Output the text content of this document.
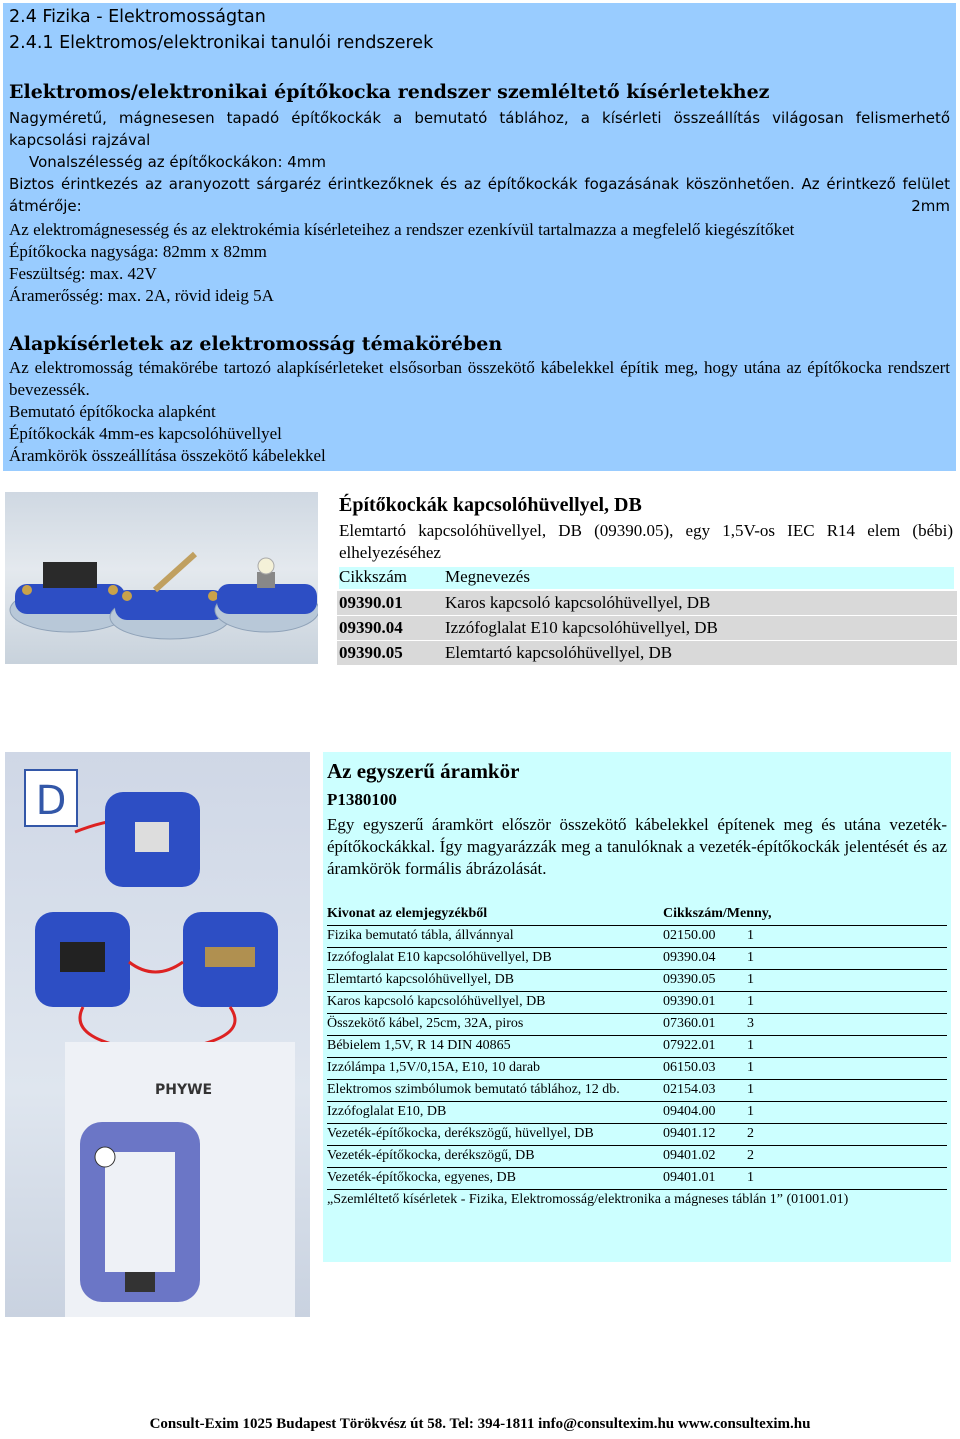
2.4 Fizika - Elektromosságtan
2.4.1 Elektromos/elektronikai tanulói rendszerek
Elektromos/elektronikai építőkocka rendszer szemléltető kísérletekhez
Nagyméretű, mágnesesen tapadó építőkockák a bemutató táblához, a kísérleti összeállítás világosan felismerhető kapcsolási rajzával
Vonalszélesség az építőkockákon: 4mm
Biztos érintkezés az aranyozott sárgaréz érintkezőknek és az építőkockák fogazásának köszönhetően. Az érintkező felület átmérője: 2mm
Az elektromágnesesség és az elektrokémia kísérleteihez a rendszer ezenkívül tartalmazza a megfelelő kiegészítőket
Építőkocka nagysága: 82mm x 82mm
Feszültség: max. 42V
Áramerősség: max. 2A, rövid ideig 5A
Alapkísérletek az elektromosság témakörében
Az elektromosság témakörébe tartozó alapkísérleteket elsősorban összekötő kábelekkel építik meg, hogy utána az építőkocka rendszert bevezessék.
Bemutató építőkocka alapként
Építőkockák 4mm-es kapcsolóhüvellyel
Áramkörök összeállítása összekötő kábelekkel
Építőkockák kapcsolóhüvellyel, DB
Elemtartó kapcsolóhüvellyel, DB (09390.05), egy 1,5V-os IEC R14 elem (bébi) elhelyezéséhez
Cikkszám Megnevezés
09390.01 Karos kapcsoló kapcsolóhüvellyel, DB
09390.04 Izzófoglalat E10 kapcsolóhüvellyel, DB
09390.05 Elemtartó kapcsolóhüvellyel, DB
D
PHYWE
Az egyszerű áramkör
P1380100
Egy egyszerű áramkört először összekötő kábelekkel építenek meg és utána vezeték-építőkockákkal. Így magyarázzák meg a tanulóknak a vezeték-építőkockák jelentését és az áramkörök formális ábrázolását.
Kivonat az elemjegyzékből	Cikkszám/Menny,
Fizika bemutató tábla, állvánnyal	02150.00 1
Izzófoglalat E10 kapcsolóhüvellyel, DB	09390.04 1
Elemtartó kapcsolóhüvellyel, DB	09390.05 1
Karos kapcsoló kapcsolóhüvellyel, DB	09390.01 1
Összekötő kábel, 25cm, 32A, piros	07360.01 3
Bébielem 1,5V, R 14 DIN 40865	07922.01 1
Izzólámpa 1,5V/0,15A, E10, 10 darab	06150.03 1
Elektromos szimbólumok bemutató táblához, 12 db.	02154.03 1
Izzófoglalat E10, DB	09404.00 1
Vezeték-építőkocka, derékszögű, hüvellyel, DB	09401.12 2
Vezeték-építőkocka, derékszögű, DB	09401.02 2
Vezeték-építőkocka, egyenes, DB	09401.01 1
„Szemléltető kísérletek - Fizika, Elektromosság/elektronika a mágneses táblán 1” (01001.01)
Consult-Exim 1025 Budapest Törökvész út 58. Tel: 394-1811 info@consultexim.hu www.consultexim.hu
